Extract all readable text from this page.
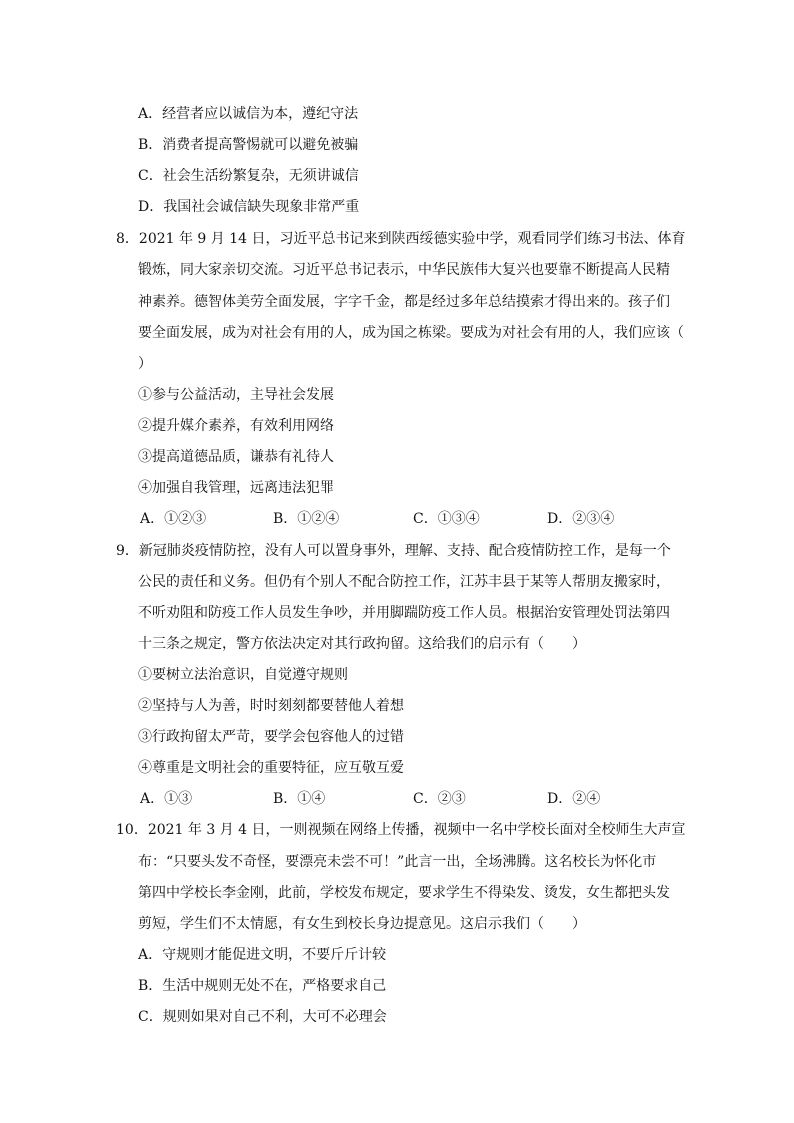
A．经营者应以诚信为本，遵纪守法
B．消费者提高警惕就可以避免被骗
C．社会生活纷繁复杂，无须讲诚信
D．我国社会诚信缺失现象非常严重
8．2021 年 9 月 14 日，习近平总书记来到陕西绥德实验中学，观看同学们练习书法、体育
锻炼，同大家亲切交流。习近平总书记表示，中华民族伟大复兴也要靠不断提高人民精
神素养。德智体美劳全面发展，字字千金，都是经过多年总结摸索才得出来的。孩子们
要全面发展，成为对社会有用的人，成为国之栋梁。要成为对社会有用的人，我们应该（
）
①参与公益活动，主导社会发展
②提升媒介素养，有效利用网络
③提高道德品质，谦恭有礼待人
④加强自我管理，远离违法犯罪
A．①②③	B．①②④	C．①③④	D．②③④
9．新冠肺炎疫情防控，没有人可以置身事外，理解、支持、配合疫情防控工作，是每一个
公民的责任和义务。但仍有个别人不配合防控工作，江苏丰县于某等人帮朋友搬家时，
不听劝阻和防疫工作人员发生争吵，并用脚踹防疫工作人员。根据治安管理处罚法第四
十三条之规定，警方依法决定对其行政拘留。这给我们的启示有（　　）
①要树立法治意识，自觉遵守规则
②坚持与人为善，时时刻刻都要替他人着想
③行政拘留太严苛，要学会包容他人的过错
④尊重是文明社会的重要特征，应互敬互爱
A．①③	B．①④	C．②③	D．②④
10．2021 年 3 月 4 日，一则视频在网络上传播，视频中一名中学校长面对全校师生大声宣
布：“只要头发不奇怪，要漂亮未尝不可！”此言一出，全场沸腾。这名校长为怀化市
第四中学校长李金刚，此前，学校发布规定，要求学生不得染发、烫发，女生都把头发
剪短，学生们不太情愿，有女生到校长身边提意见。这启示我们（　　）
A．守规则才能促进文明，不要斤斤计较
B．生活中规则无处不在，严格要求自己
C．规则如果对自己不利，大可不必理会
